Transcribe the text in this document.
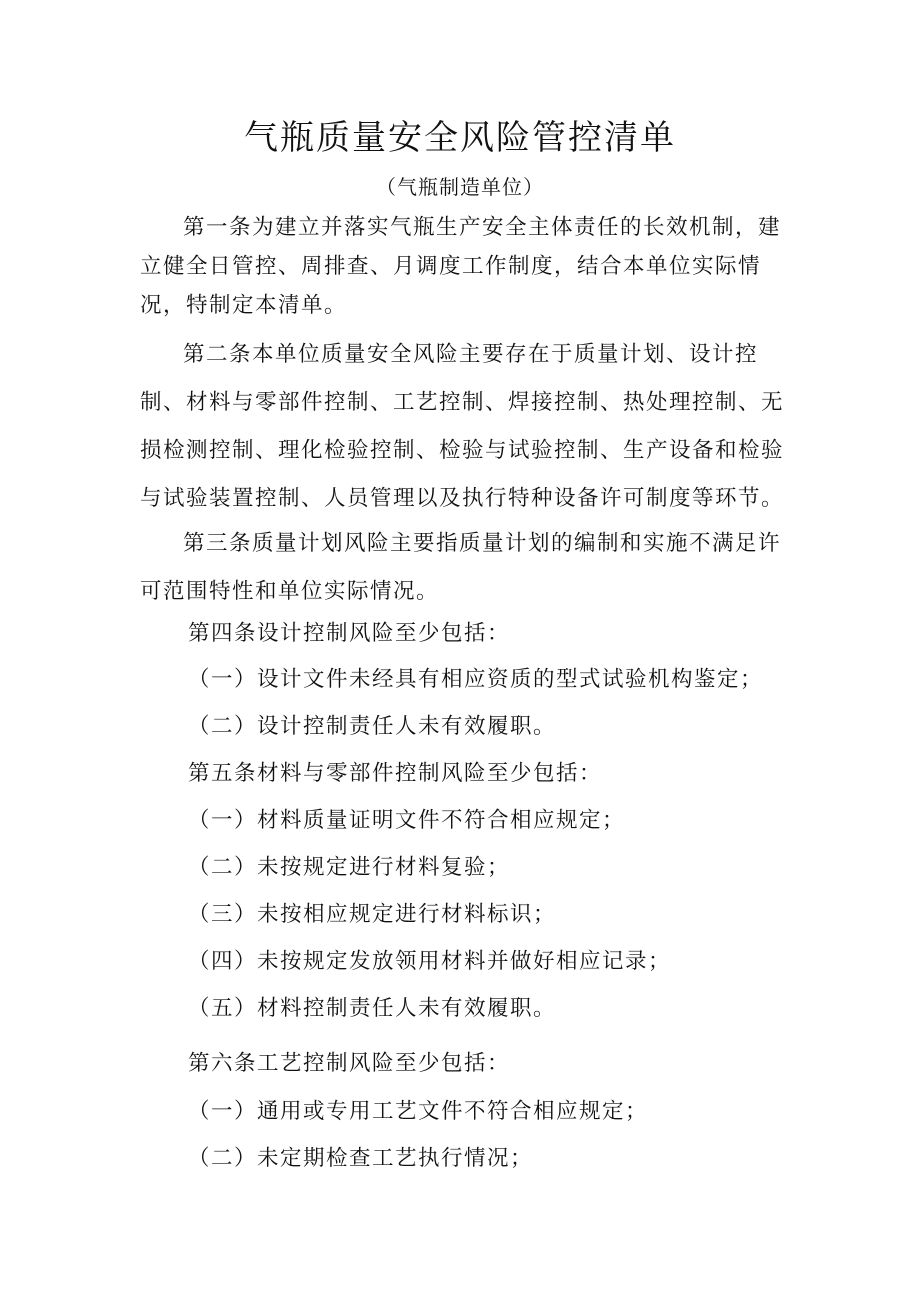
气瓶质量安全风险管控清单
（气瓶制造单位）
第一条为建立并落实气瓶生产安全主体责任的长效机制，建立健全日管控、周排查、月调度工作制度，结合本单位实际情况，特制定本清单。
第二条本单位质量安全风险主要存在于质量计划、设计控制、材料与零部件控制、工艺控制、焊接控制、热处理控制、无损检测控制、理化检验控制、检验与试验控制、生产设备和检验与试验装置控制、人员管理以及执行特种设备许可制度等环节。
第三条质量计划风险主要指质量计划的编制和实施不满足许可范围特性和单位实际情况。
第四条设计控制风险至少包括：
（一）设计文件未经具有相应资质的型式试验机构鉴定；
（二）设计控制责任人未有效履职。
第五条材料与零部件控制风险至少包括：
（一）材料质量证明文件不符合相应规定；
（二）未按规定进行材料复验；
（三）未按相应规定进行材料标识；
（四）未按规定发放领用材料并做好相应记录；
（五）材料控制责任人未有效履职。
第六条工艺控制风险至少包括：
（一）通用或专用工艺文件不符合相应规定；
（二）未定期检查工艺执行情况；
